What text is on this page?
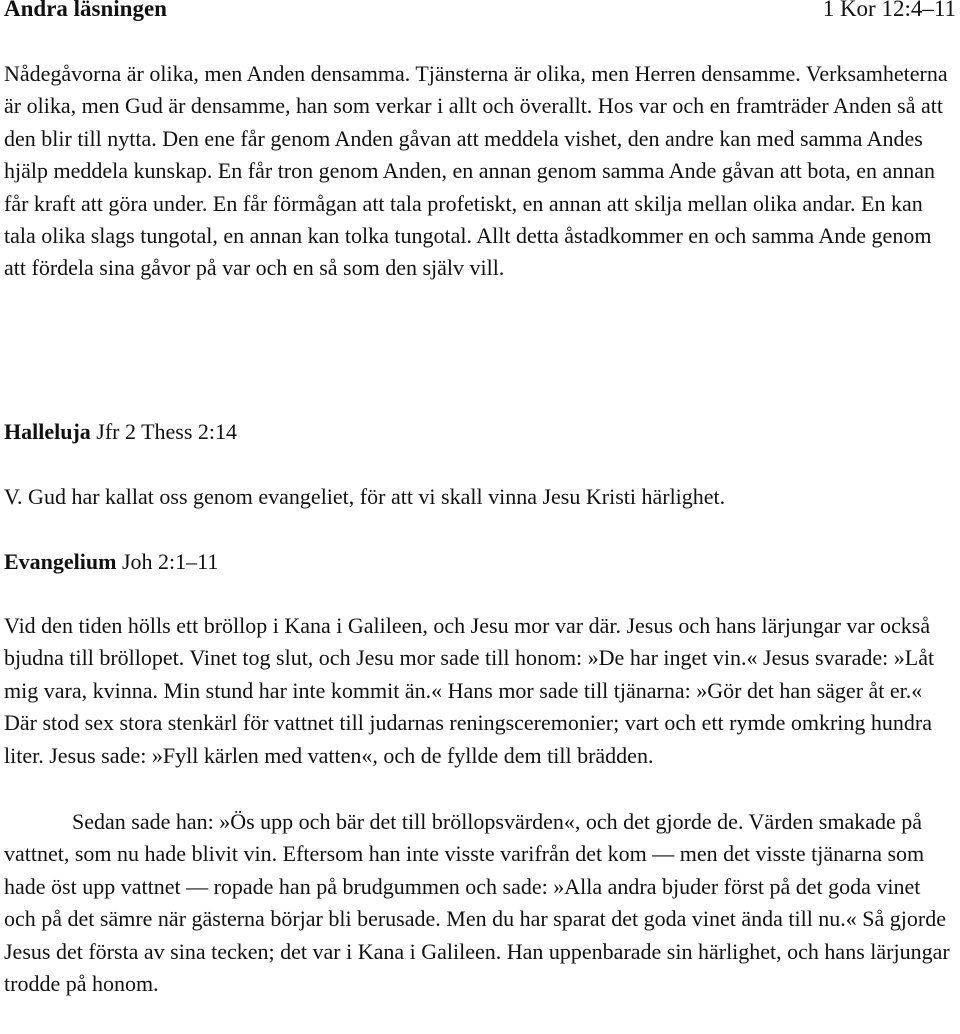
Andra läsningen	1 Kor 12:4–11

Nådegåvorna är olika, men Anden densamma. Tjänsterna är olika, men Herren densamme. Verksamheterna är olika, men Gud är densamme, han som verkar i allt och överallt. Hos var och en framträder Anden så att den blir till nytta. Den ene får genom Anden gåvan att meddela vishet, den andre kan med samma Andes hjälp meddela kunskap. En får tron genom Anden, en annan genom samma Ande gåvan att bota, en annan får kraft att göra under. En får förmågan att tala profetiskt, en annan att skilja mellan olika andar. En kan tala olika slags tungotal, en annan kan tolka tungotal. Allt detta åstadkommer en och samma Ande genom att fördela sina gåvor på var och en så som den själv vill.

Halleluja Jfr 2 Thess 2:14

V. Gud har kallat oss genom evangeliet, för att vi skall vinna Jesu Kristi härlighet.

Evangelium Joh 2:1–11

Vid den tiden hölls ett bröllop i Kana i Galileen, och Jesu mor var där. Jesus och hans lärjungar var också bjudna till bröllopet. Vinet tog slut, och Jesu mor sade till honom: »De har inget vin.« Jesus svarade: »Låt mig vara, kvinna. Min stund har inte kommit än.« Hans mor sade till tjänarna: »Gör det han säger åt er.« Där stod sex stora stenkärl för vattnet till judarnas reningsceremonier; vart och ett rymde omkring hundra liter. Jesus sade: »Fyll kärlen med vatten«, och de fyllde dem till brädden.

Sedan sade han: »Ös upp och bär det till bröllopsvärden«, och det gjorde de. Värden smakade på vattnet, som nu hade blivit vin. Eftersom han inte visste varifrån det kom — men det visste tjänarna som hade öst upp vattnet — ropade han på brudgummen och sade: »Alla andra bjuder först på det goda vinet och på det sämre när gästerna börjar bli berusade. Men du har sparat det goda vinet ända till nu.« Så gjorde Jesus det första av sina tecken; det var i Kana i Galileen. Han uppenbarade sin härlighet, och hans lärjungar trodde på honom.
